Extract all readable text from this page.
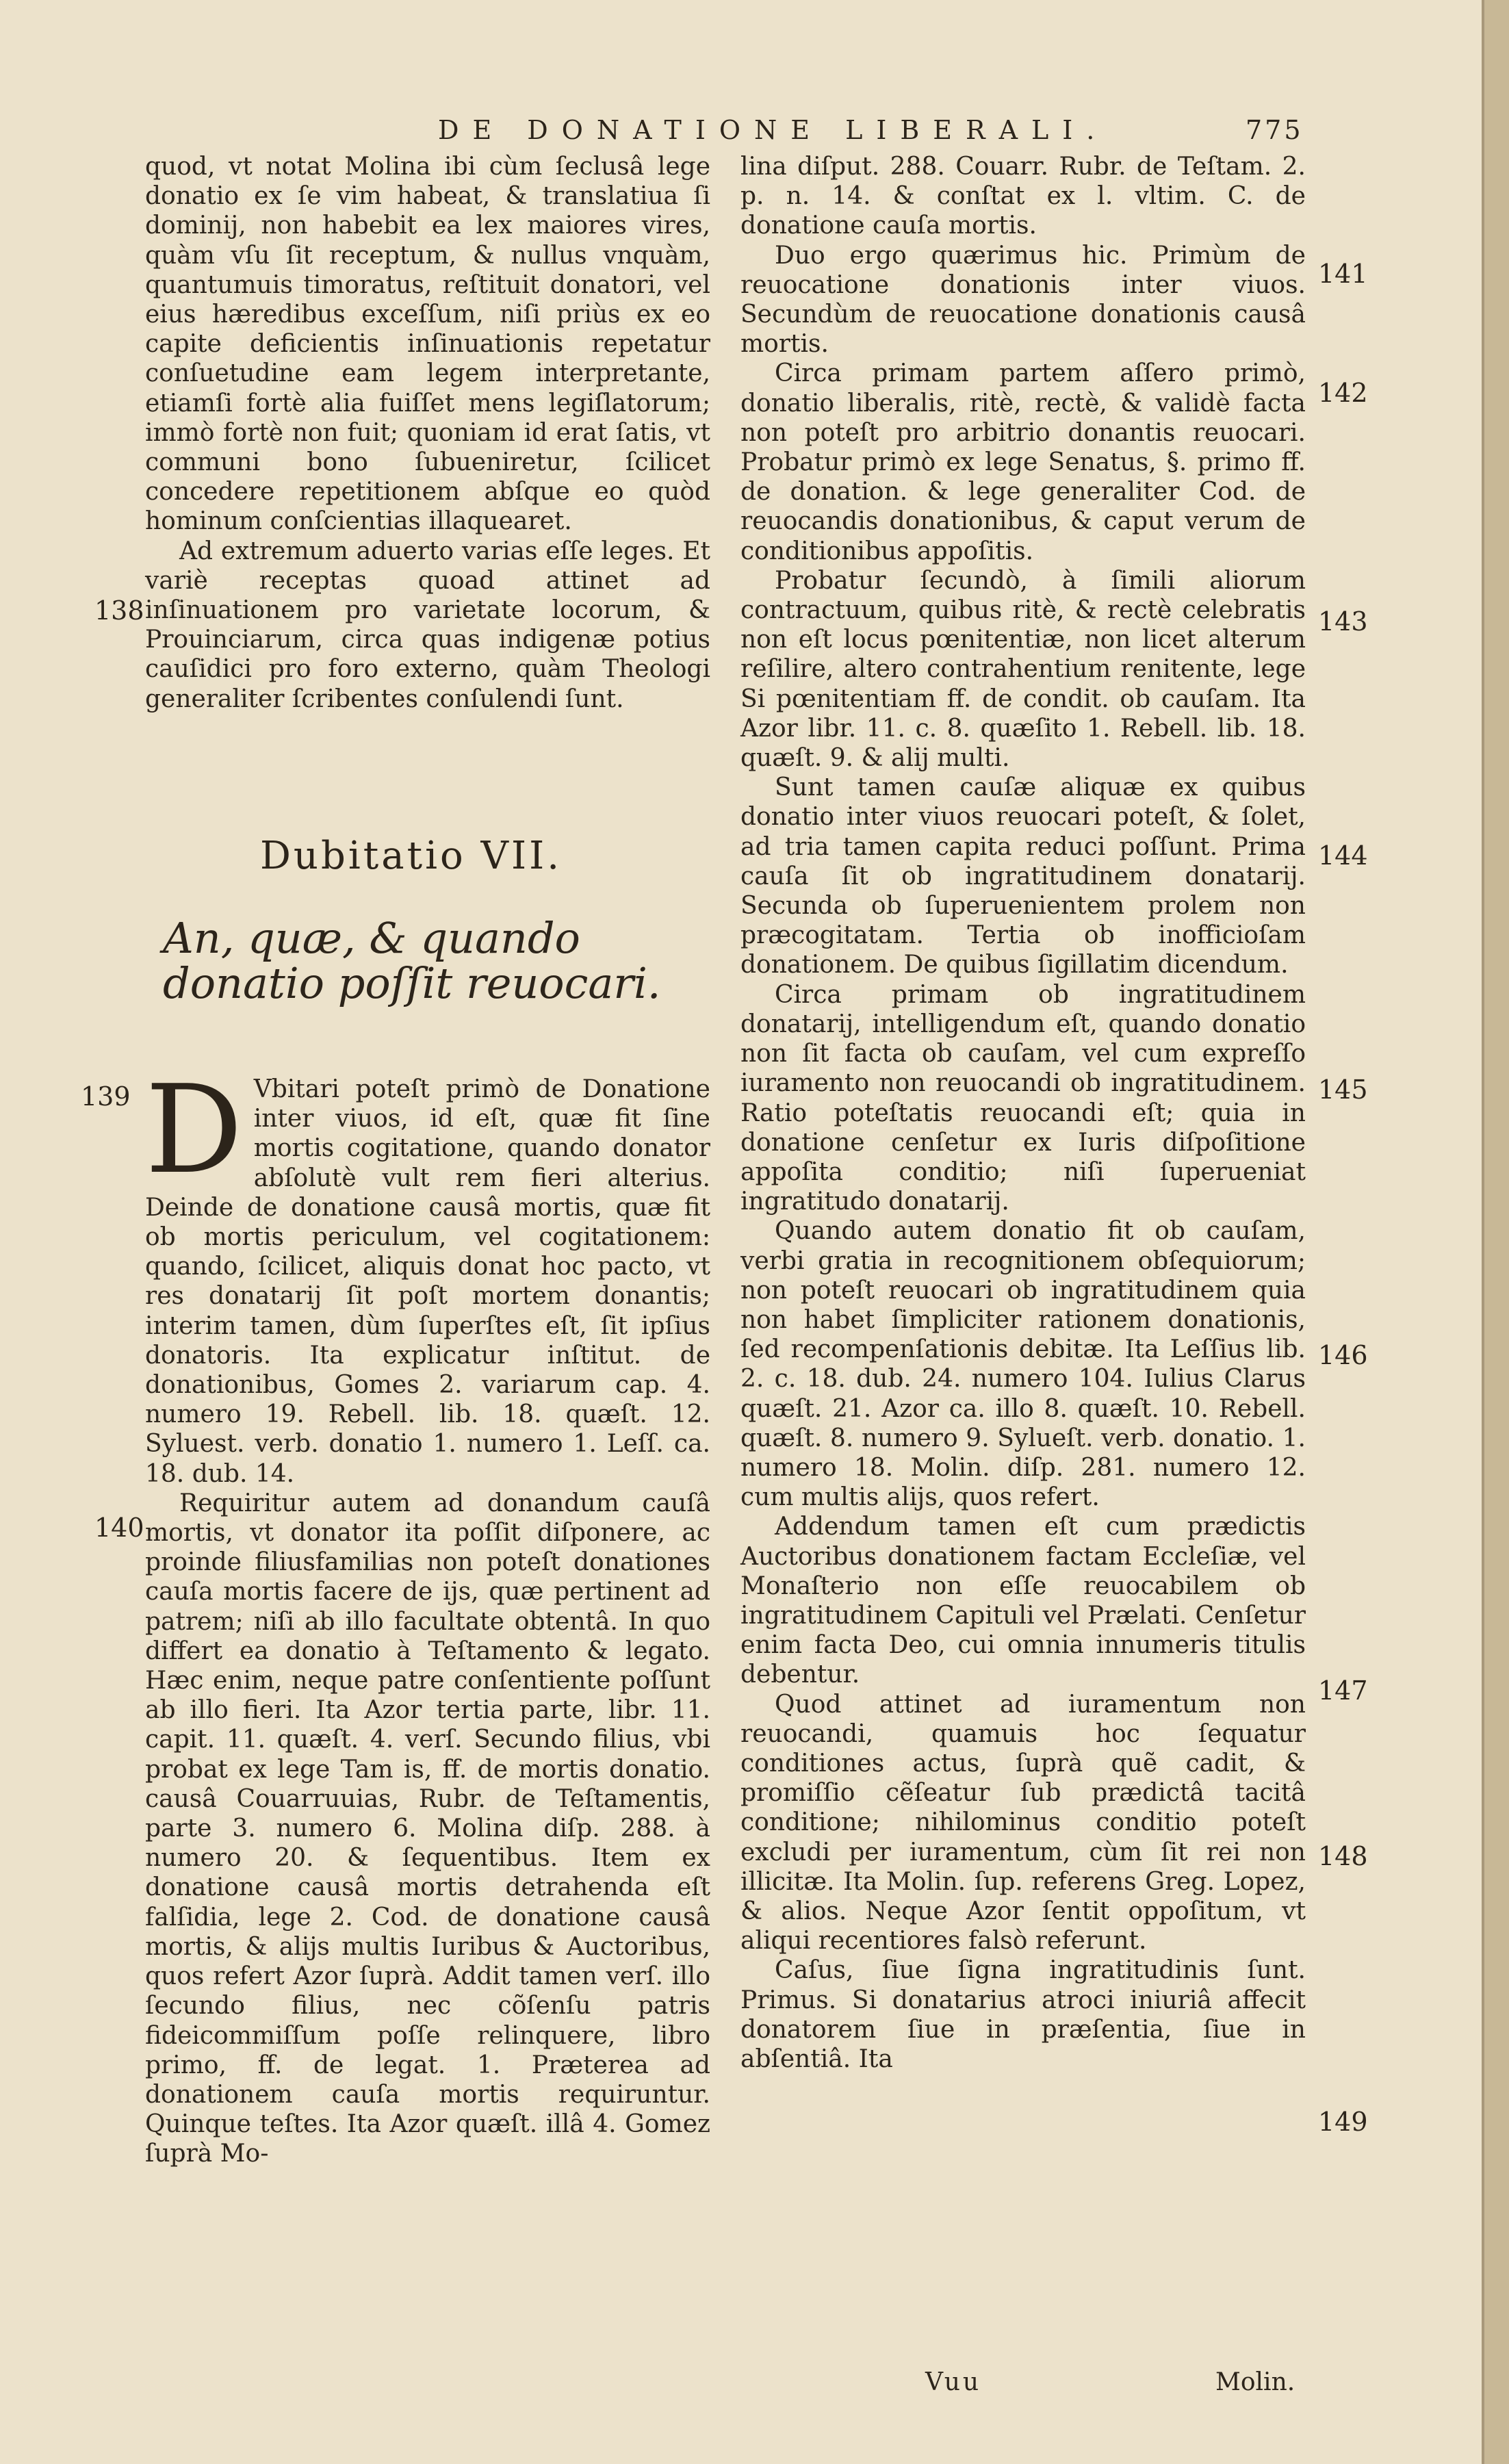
DE DONATIONE LIBERALI.	775

quod, vt notat Molina ibi cùm ſeclusâ lege donatio ex ſe vim habeat, & translatiua ſi dominij, non habebit ea lex maiores vires, quàm vſu ſit receptum, & nullus vnquàm, quantumuis timoratus, reſtituit donatori, vel eius hæredibus exceſſum, niſi priùs ex eo capite deficientis inſinuationis repetatur conſuetudine eam legem interpretante, etiamſi fortè alia fuiſſet mens legiſlatorum; immò fortè non fuit; quoniam id erat ſatis, vt communi bono ſubueniretur, ſcilicet concedere repetitionem abſque eo quòd hominum conſcientias illaquearet.

Ad extremum aduerto varias eſſe leges. Et variè receptas quoad attinet ad inſinuationem pro varietate locorum, & Prouinciarum, circa quas indigenæ potius cauſidici pro foro externo, quàm Theologi generaliter ſcribentes conſulendi ſunt.

Dubitatio VII.
An, quæ, & quando donatio poſſit reuocari.

D Vbitari poteſt primò de Donatione inter viuos, id eſt, quæ fit ſine mortis cogitatione, quando donator abſolutè vult rem fieri alterius. Deinde de donatione causâ mortis, quæ fit ob mortis periculum, vel cogitationem: quando, ſcilicet, aliquis donat hoc pacto, vt res donatarij ſit poſt mortem donantis; interim tamen, dùm ſuperſtes eſt, ſit ipſius donatoris. Ita explicatur inſtitut. de donationibus, Gomes 2. variarum cap. 4. numero 19. Rebell. lib. 18. quæſt. 12. Syluest. verb. donatio 1. numero 1. Leſſ. ca. 18. dub. 14.

Requiritur autem ad donandum cauſâ mortis, vt donator ita poſſit diſponere, ac proinde filiusfamilias non poteſt donationes cauſa mortis facere de ijs, quæ pertinent ad patrem; niſi ab illo facultate obtentâ. In quo differt ea donatio à Teſtamento & legato. Hæc enim, neque patre conſentiente poſſunt ab illo fieri. Ita Azor tertia parte, libr. 11. capit. 11. quæſt. 4. verſ. Secundo filius, vbi probat ex lege Tam is, ff. de mortis donatio. causâ Couarruuias, Rubr. de Teſtamentis, parte 3. numero 6. Molina diſp. 288. à numero 20. & ſequentibus. Item ex donatione causâ mortis detrahenda eſt falſidia, lege 2. Cod. de donatione causâ mortis, & alijs multis Iuribus & Auctoribus, quos refert Azor ſuprà. Addit tamen verſ. illo ſecundo filius, nec cõſenſu patris fideicommiſſum poſſe relinquere, libro primo, ff. de legat. 1. Præterea ad donationem cauſa mortis requiruntur. Quinque teſtes. Ita Azor quæſt. illâ 4. Gomez ſuprà Mo-

lina diſput. 288. Couarr. Rubr. de Teſtam. 2. p. n. 14. & conſtat ex l. vltim. C. de donatione cauſa mortis.

Duo ergo quærimus hic. Primùm de reuocatione donationis inter viuos. Secundùm de reuocatione donationis causâ mortis.

Circa primam partem aſſero primò, donatio liberalis, ritè, rectè, & validè facta non poteſt pro arbitrio donantis reuocari. Probatur primò ex lege Senatus, §. primo ff. de donation. & lege generaliter Cod. de reuocandis donationibus, & caput verum de conditionibus appoſitis.

Probatur ſecundò, à ſimili aliorum contractuum, quibus ritè, & rectè celebratis non eſt locus pœnitentiæ, non licet alterum reſilire, altero contrahentium renitente, lege Si pœnitentiam ff. de condit. ob cauſam. Ita Azor libr. 11. c. 8. quæſito 1. Rebell. lib. 18. quæſt. 9. & alij multi.

Sunt tamen cauſæ aliquæ ex quibus donatio inter viuos reuocari poteſt, & ſolet, ad tria tamen capita reduci poſſunt. Prima cauſa ſit ob ingratitudinem donatarij. Secunda ob ſuperuenientem prolem non præcogitatam. Tertia ob inofficioſam donationem. De quibus ſigillatim dicendum.

Circa primam ob ingratitudinem donatarij, intelligendum eſt, quando donatio non ſit facta ob cauſam, vel cum expreſſo iuramento non reuocandi ob ingratitudinem. Ratio poteſtatis reuocandi eſt; quia in donatione cenſetur ex Iuris diſpoſitione appoſita conditio; niſi ſuperueniat ingratitudo donatarij.

Quando autem donatio fit ob cauſam, verbi gratia in recognitionem obſequiorum; non poteſt reuocari ob ingratitudinem quia non habet ſimpliciter rationem donationis, ſed recompenſationis debitæ. Ita Leſſius lib. 2. c. 18. dub. 24. numero 104. Iulius Clarus quæſt. 21. Azor ca. illo 8. quæſt. 10. Rebell. quæſt. 8. numero 9. Sylueſt. verb. donatio. 1. numero 18. Molin. diſp. 281. numero 12. cum multis alijs, quos refert.

Addendum tamen eſt cum prædictis Auctoribus donationem factam Eccleſiæ, vel Monaſterio non eſſe reuocabilem ob ingratitudinem Capituli vel Prælati. Cenſetur enim facta Deo, cui omnia innumeris titulis debentur.

Quod attinet ad iuramentum non reuocandi, quamuis hoc ſequatur conditiones actus, ſuprà quẽ cadit, & promiſſio cẽſeatur ſub prædictâ tacitâ conditione; nihilominus conditio poteſt excludi per iuramentum, cùm ſit rei non illicitæ. Ita Molin. ſup. referens Greg. Lopez, & alios. Neque Azor ſentit oppoſitum, vt aliqui recentiores falsò referunt.

Caſus, ſiue ſigna ingratitudinis ſunt. Primus. Si donatarius atroci iniuriâ affecit donatorem ſiue in præſentia, ſiue in abſentiâ. Ita

138
139
140
141
142
143
144
145
146
147
148
149
Vuu	Molin.
